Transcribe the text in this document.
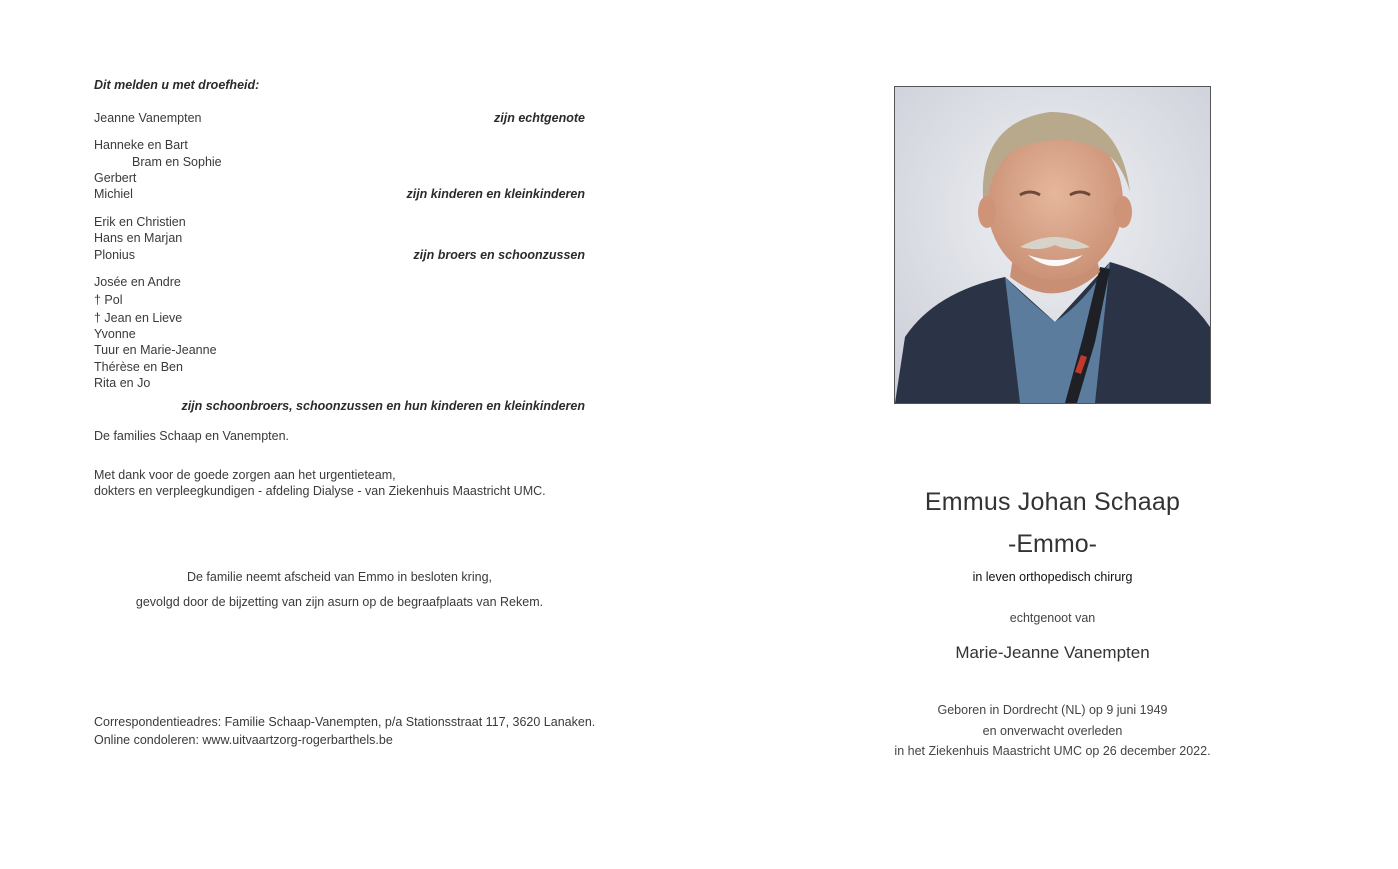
Dit melden u met droefheid:
Jeanne Vanempten	zijn echtgenote
Hanneke en Bart
Bram en Sophie
Gerbert
Michiel	zijn kinderen en kleinkinderen
Erik en Christien
Hans en Marjan
Plonius	zijn broers en schoonzussen
Josée en Andre
† Pol
† Jean en Lieve
Yvonne
Tuur en Marie-Jeanne
Thérèse en Ben
Rita en Jo
zijn schoonbroers, schoonzussen en hun kinderen en kleinkinderen
De families Schaap en Vanempten.
Met dank voor de goede zorgen aan het urgentieteam,
dokters en verpleegkundigen - afdeling Dialyse - van Ziekenhuis Maastricht UMC.
De familie neemt afscheid van Emmo in besloten kring,
gevolgd door de bijzetting van zijn asurn op de begraafplaats van Rekem.
Correspondentieadres: Familie Schaap-Vanempten, p/a Stationsstraat 117, 3620 Lanaken.
Online condoleren: www.uitvaartzorg-rogerbarthels.be
Emmus Johan Schaap
-Emmo-
in leven orthopedisch chirurg
echtgenoot van
Marie-Jeanne Vanempten
Geboren in Dordrecht (NL) op 9 juni 1949
en onverwacht overleden
in het Ziekenhuis Maastricht UMC op 26 december 2022.
